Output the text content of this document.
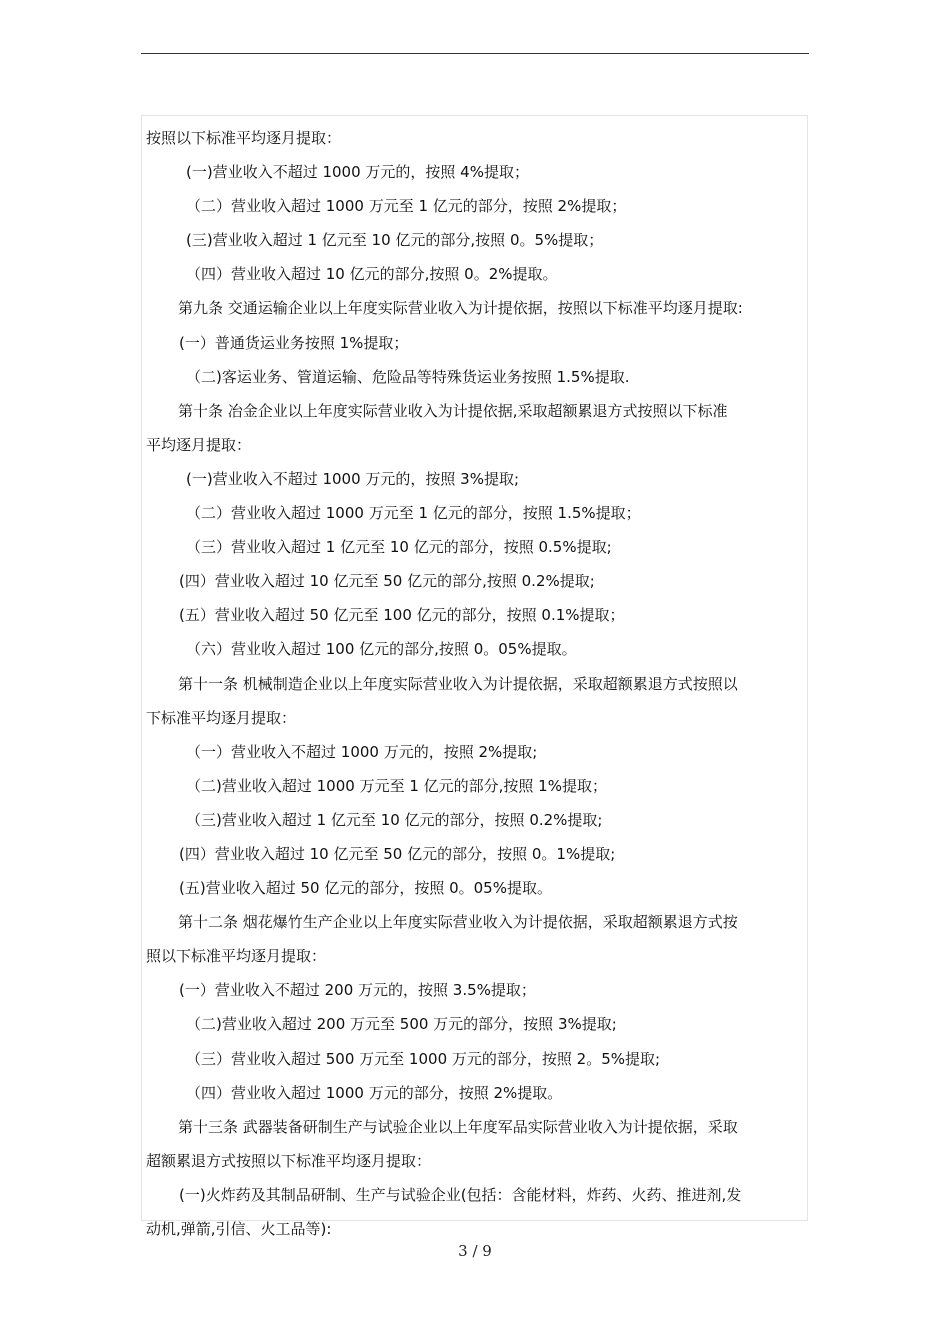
按照以下标准平均逐月提取：
(一)营业收入不超过 1000 万元的，按照 4%提取；
（二）营业收入超过 1000 万元至 1 亿元的部分，按照 2%提取；
(三)营业收入超过 1 亿元至 10 亿元的部分,按照 0。5%提取；
（四）营业收入超过 10 亿元的部分,按照 0。2%提取。
第九条 交通运输企业以上年度实际营业收入为计提依据，按照以下标准平均逐月提取:
(一）普通货运业务按照 1%提取；
（二)客运业务、管道运输、危险品等特殊货运业务按照 1.5%提取.
第十条 冶金企业以上年度实际营业收入为计提依据,采取超额累退方式按照以下标准
平均逐月提取：
(一)营业收入不超过 1000 万元的，按照 3%提取;
（二）营业收入超过 1000 万元至 1 亿元的部分，按照 1.5%提取；
（三）营业收入超过 1 亿元至 10 亿元的部分，按照 0.5%提取;
(四）营业收入超过 10 亿元至 50 亿元的部分,按照 0.2%提取;
(五）营业收入超过 50 亿元至 100 亿元的部分，按照 0.1%提取；
（六）营业收入超过 100 亿元的部分,按照 0。05%提取。
第十一条 机械制造企业以上年度实际营业收入为计提依据，采取超额累退方式按照以
下标准平均逐月提取：
（一）营业收入不超过 1000 万元的，按照 2%提取;
（二)营业收入超过 1000 万元至 1 亿元的部分,按照 1%提取；
（三)营业收入超过 1 亿元至 10 亿元的部分，按照 0.2%提取;
(四）营业收入超过 10 亿元至 50 亿元的部分，按照 0。1%提取;
(五)营业收入超过 50 亿元的部分，按照 0。05%提取。
第十二条 烟花爆竹生产企业以上年度实际营业收入为计提依据，采取超额累退方式按
照以下标准平均逐月提取：
(一）营业收入不超过 200 万元的，按照 3.5%提取；
（二)营业收入超过 200 万元至 500 万元的部分，按照 3%提取;
（三）营业收入超过 500 万元至 1000 万元的部分，按照 2。5%提取;
（四）营业收入超过 1000 万元的部分，按照 2%提取。
第十三条 武器装备研制生产与试验企业以上年度军品实际营业收入为计提依据，采取
超额累退方式按照以下标准平均逐月提取：
(一)火炸药及其制品研制、生产与试验企业(包括：含能材料，炸药、火药、推进剂,发
动机,弹箭,引信、火工品等):
3 / 9
